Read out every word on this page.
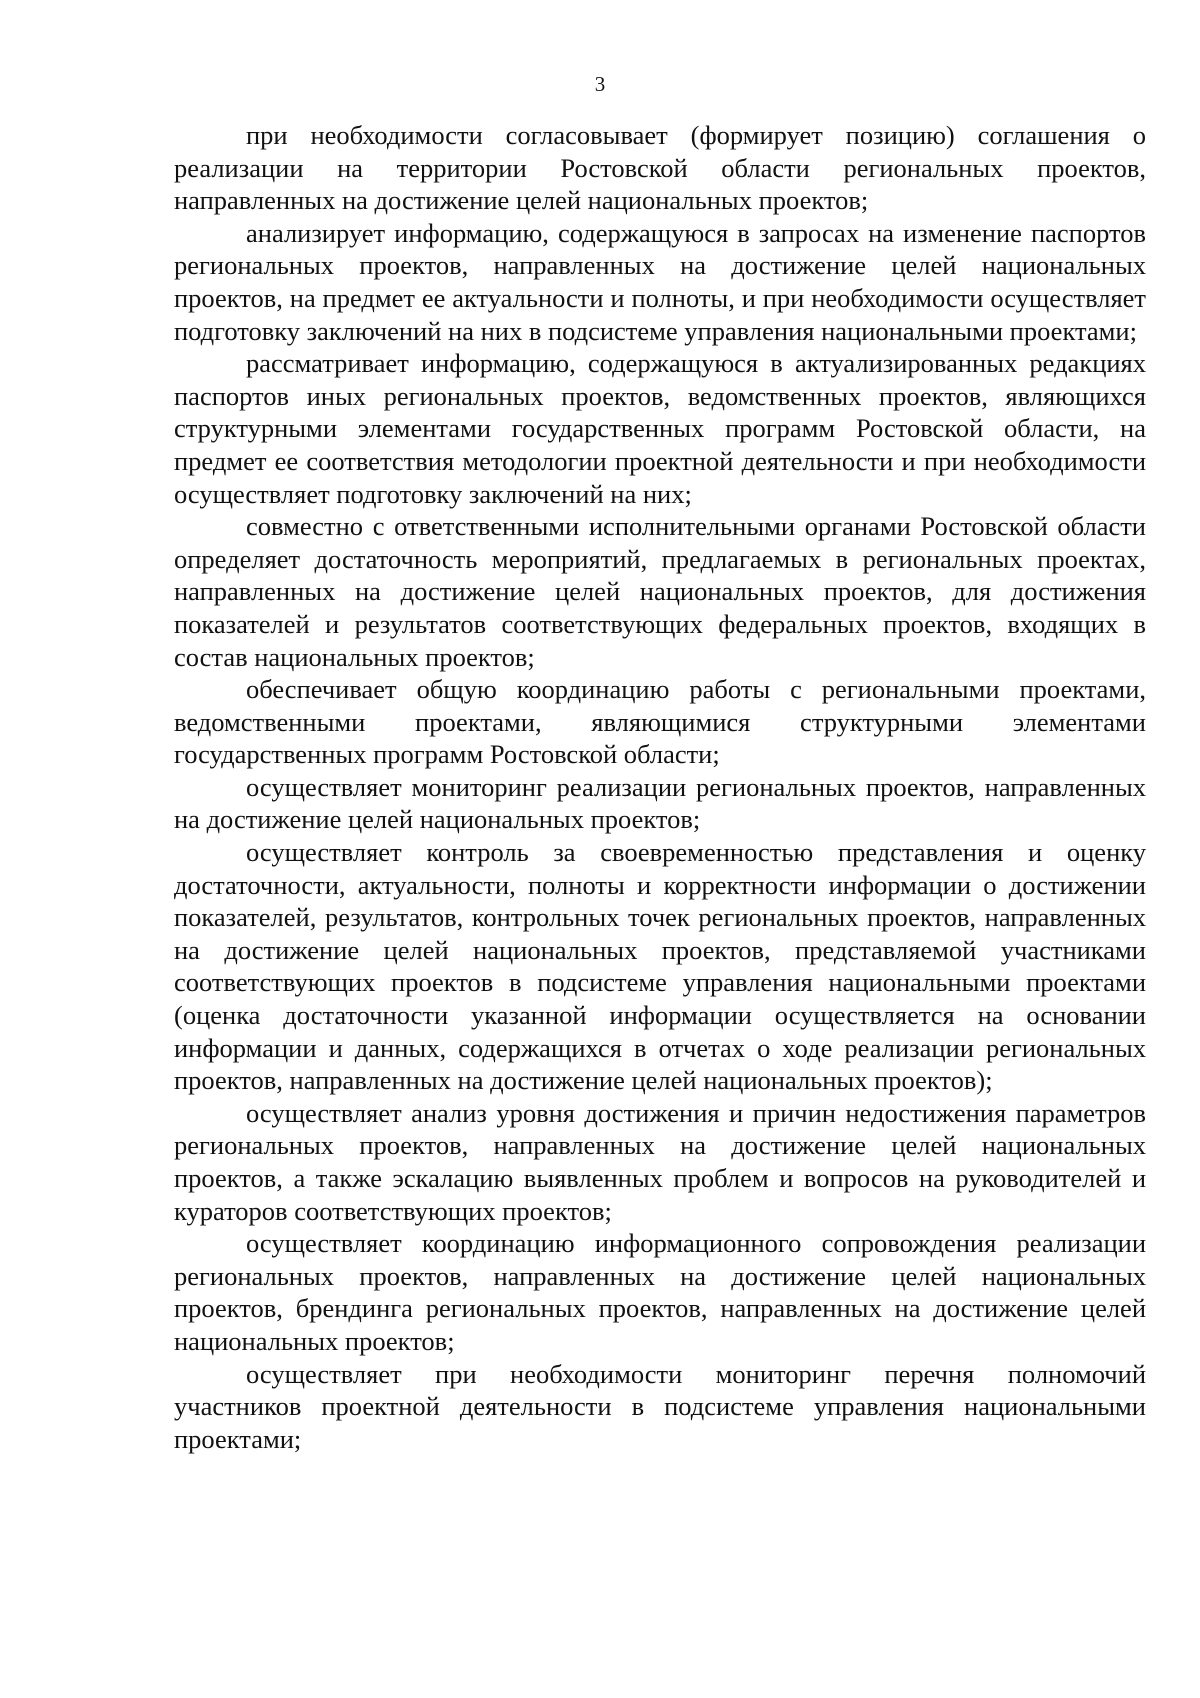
3

при необходимости согласовывает (формирует позицию) соглашения о реализации на территории Ростовской области региональных проектов, направленных на достижение целей национальных проектов;

анализирует информацию, содержащуюся в запросах на изменение паспортов региональных проектов, направленных на достижение целей национальных проектов, на предмет ее актуальности и полноты, и при необходимости осуществляет подготовку заключений на них в подсистеме управления национальными проектами;

рассматривает информацию, содержащуюся в актуализированных редакциях паспортов иных региональных проектов, ведомственных проектов, являющихся структурными элементами государственных программ Ростовской области, на предмет ее соответствия методологии проектной деятельности и при необходимости осуществляет подготовку заключений на них;

совместно с ответственными исполнительными органами Ростовской области определяет достаточность мероприятий, предлагаемых в региональных проектах, направленных на достижение целей национальных проектов, для достижения показателей и результатов соответствующих федеральных проектов, входящих в состав национальных проектов;

обеспечивает общую координацию работы с региональными проектами, ведомственными проектами, являющимися структурными элементами государственных программ Ростовской области;

осуществляет мониторинг реализации региональных проектов, направленных на достижение целей национальных проектов;

осуществляет контроль за своевременностью представления и оценку достаточности, актуальности, полноты и корректности информации о достижении показателей, результатов, контрольных точек региональных проектов, направленных на достижение целей национальных проектов, представляемой участниками соответствующих проектов в подсистеме управления национальными проектами (оценка достаточности указанной информации осуществляется на основании информации и данных, содержащихся в отчетах о ходе реализации региональных проектов, направленных на достижение целей национальных проектов);

осуществляет анализ уровня достижения и причин недостижения параметров региональных проектов, направленных на достижение целей национальных проектов, а также эскалацию выявленных проблем и вопросов на руководителей и кураторов соответствующих проектов;

осуществляет координацию информационного сопровождения реализации региональных проектов, направленных на достижение целей национальных проектов, брендинга региональных проектов, направленных на достижение целей национальных проектов;

осуществляет при необходимости мониторинг перечня полномочий участников проектной деятельности в подсистеме управления национальными проектами;
